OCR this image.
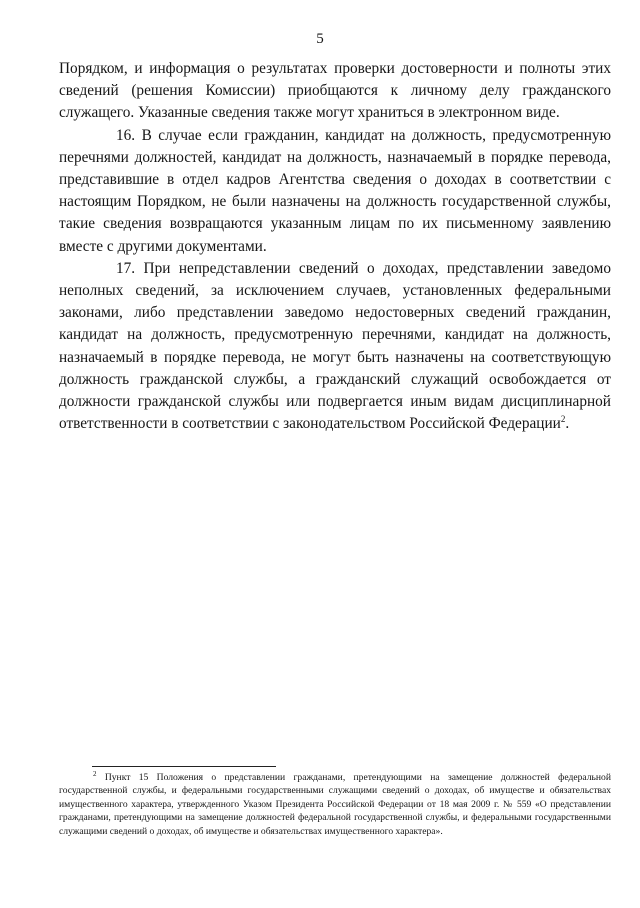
5

Порядком, и информация о результатах проверки достоверности и полноты этих сведений (решения Комиссии) приобщаются к личному делу гражданского служащего. Указанные сведения также могут храниться в электронном виде.

16. В случае если гражданин, кандидат на должность, предусмотренную перечнями должностей, кандидат на должность, назначаемый в порядке перевода, представившие в отдел кадров Агентства сведения о доходах в соответствии с настоящим Порядком, не были назначены на должность государственной службы, такие сведения возвращаются указанным лицам по их письменному заявлению вместе с другими документами.

17. При непредставлении сведений о доходах, представлении заведомо неполных сведений, за исключением случаев, установленных федеральными законами, либо представлении заведомо недостоверных сведений гражданин, кандидат на должность, предусмотренную перечнями, кандидат на должность, назначаемый в порядке перевода, не могут быть назначены на соответствующую должность гражданской службы, а гражданский служащий освобождается от должности гражданской службы или подвергается иным видам дисциплинарной ответственности в соответствии с законодательством Российской Федерации$^2$.

$^2$ Пункт 15 Положения о представлении гражданами, претендующими на замещение должностей федеральной государственной службы, и федеральными государственными служащими сведений о доходах, об имуществе и обязательствах имущественного характера, утвержденного Указом Президента Российской Федерации от 18 мая 2009 г. № 559 «О представлении гражданами, претендующими на замещение должностей федеральной государственной службы, и федеральными государственными служащими сведений о доходах, об имуществе и обязательствах имущественного характера».
